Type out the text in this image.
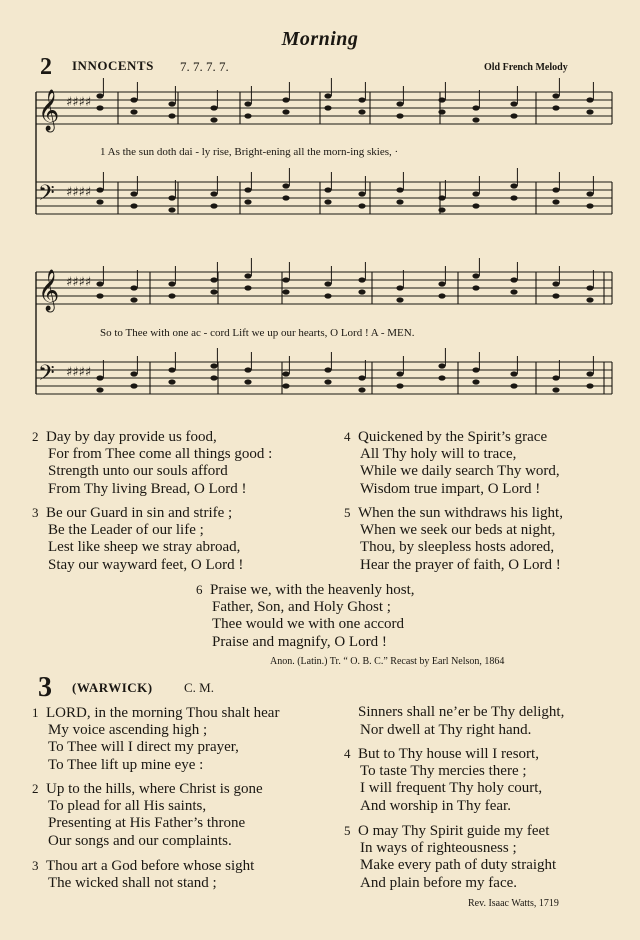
Morning
2 INNOCENTS 7. 7. 7. 7.	Old French Melody
𝄞 ♯♯♯♯
𝄢 ♯♯♯♯
𝄞 ♯♯♯♯
𝄢 ♯♯♯♯
1 As the sun doth dai - ly rise, Bright-ening all the morn-ing skies, ·
So to Thee with one ac - cord Lift we up our hearts, O Lord ! A - MEN.
2 Day by day provide us food,
For from Thee come all things good :
Strength unto our souls afford
From Thy living Bread, O Lord !
3 Be our Guard in sin and strife ;
Be the Leader of our life ;
Lest like sheep we stray abroad,
Stay our wayward feet, O Lord !
4 Quickened by the Spirit’s grace
All Thy holy will to trace,
While we daily search Thy word,
Wisdom true impart, O Lord !
5 When the sun withdraws his light,
When we seek our beds at night,
Thou, by sleepless hosts adored,
Hear the prayer of faith, O Lord !
6 Praise we, with the heavenly host,
Father, Son, and Holy Ghost ;
Thee would we with one accord
Praise and magnify, O Lord !
Anon. (Latin.) Tr. “ O. B. C.” Recast by Earl Nelson, 1864
3 (WARWICK) C. M.
1 LORD, in the morning Thou shalt hear
My voice ascending high ;
To Thee will I direct my prayer,
To Thee lift up mine eye :
2 Up to the hills, where Christ is gone
To plead for all His saints,
Presenting at His Father’s throne
Our songs and our complaints.
3 Thou art a God before whose sight
The wicked shall not stand ;
Sinners shall ne’er be Thy delight,
Nor dwell at Thy right hand.
4 But to Thy house will I resort,
To taste Thy mercies there ;
I will frequent Thy holy court,
And worship in Thy fear.
5 O may Thy Spirit guide my feet
In ways of righteousness ;
Make every path of duty straight
And plain before my face.
Rev. Isaac Watts, 1719
